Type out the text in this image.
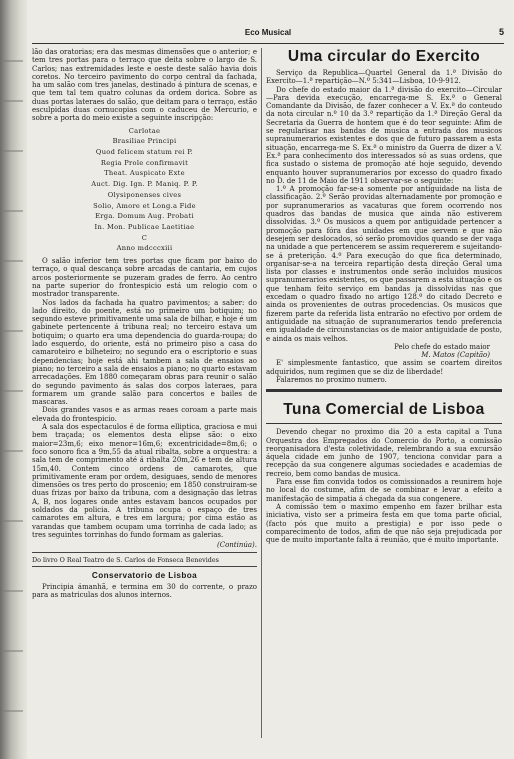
Eco Musical	5

lão das oratorias; era das mesmas dimensões que o anterior; e tem tres portas para o terraço que deita sobre o largo de S. Carlos; nas extremidades leste e oeste deste salão havia dois coretos. No terceiro pavimento do corpo central da fachada, ha um salão com tres janelas, destinado á pintura de scenas, e que tem tal tem quatro colunas da ordem dorica. Sobre as duas portas lateraes do salão, que deitam para o terraço, estão esculpidas duas cornucopias com o caduceu de Mercurio, e sobre a porta do meio existe a seguinte inscripção:

Carlotae
Brasiliae Principi
Quod felicem statum rei P.
Regia Prole confirmavit
Theat. Auspicato Exte
Auct. Dig. Ign. P. Maniq. P. P.
Olysiponenses cives
Solio, Amore et Long.a Fide
Erga. Domum Aug. Probati
In. Mon. Publicae Laetitiae
C
Anno mdcccxiii

O salão inferior tem tres portas que ficam por baixo do terraço, o qual descança sobre arcadas de cantaria, em cujos arcos posteriormente se puzeram grades de ferro. Ao centro na parte superior do frontespicio está um relogio com o mostrador transparente.

Nos lados da fachada ha quatro pavimentos; a saber: do lado direito, do poente, está no primeiro um botiquim; no segundo esteve primitivamente uma sala de bilhar, e hoje é um gabinete pertencente á tribuna real; no terceiro estava um botiquim; o quarto era uma dependencia do guarda-roupa; do lado esquerdo, do oriente, está no primeiro piso a casa do camaroteiro e bilheteiro; no segundo era o escriptorio e suas dependencias; hoje está ahi tambem a sala de ensaios ao piano; no terceiro a sala de ensaios a piano; no quarto estavam arrecadações. Em 1880 começaram obras para reunir o salão do segundo pavimento ás salas dos corpos lateraes, para formarem um grande salão para concertos e bailes de mascaras.

Dois grandes vasos e as armas reaes coroam a parte mais elevada do frontespicio.

A sala dos espectaculos é de forma elliptica, graciosa e mui bem traçada; os elementos desta elipse são: o eixo maior=23m,6; eixo menor=16m,6; excentricidade=8m,6; o foco sonoro fica a 9m,55 da atual ribalta, sobre a orquestra: a sala tem de comprimento até á ribalta 20m,26 e tem de altura 15m,40. Contem cinco ordens de camarotes, que primitivamente eram por ordem, desiguaes, sendo de menores dimensões os tres perto do proscenio; em 1850 construiram-se duas frizas por baixo da tribuna, com a designação das letras A, B, nos logares onde antes estavam bancos ocupados por soldados da policia. A tribuna ocupa o espaço de tres camarotes em altura, e tres em largura; por cima estão as varandas que tambem ocupam uma torrinha de cada lado; as tres seguintes torrinhas do fundo formam as galerias.

(Continúa).
Do livro O Real Teatro de S. Carlos de Fonseca Benevides
Conservatorio de Lisboa

Principia ámanhã, e termina em 30 do corrente, o prazo para as matriculas dos alunos internos.

Uma circular do Exercito

Serviço da Republica—Quartel General da 1.ª Divisão do Exercito—1.ª repartição—N.º 5:341—Lisboa, 10-9-912.

Do chefe do estado maior da 1.ª divisão do exercito—Circular—Para devida execução, encarrega-me S. Ex.ª o General Comandante da Divisão, de fazer conhecer a V. Ex.ª do conteudo da nota circular n.º 10 da 3.ª repartição da 1.ª Direção Geral da Secretaria da Guerra de hontem que é do teor seguinte: Afim de se regularisar nas bandas de musica a entrada dos musicos supranumerarios existentes e dos que de futuro passarem a esta situação, encarrega-me S. Ex.ª o ministro da Guerra de dizer a V. Ex.ª para conhecimento dos interessados só as suas ordens, que fica sustado o sistema de promoção até hoje seguido, devendo enquanto houver supranumerarios por excesso do quadro fixado no D. de 11 de Maio de 1911 observar-se o seguinte:

1.º A promoção far-se-a somente por antiguidade na lista de classificação. 2.º Serão providas alternadamente por promoção e por supranumerarios as vacaturas que forem ocorrendo nos quadros das bandas de musica que ainda não estiverem dissolvidas. 3.º Os musicos a quem por antiguidade pertencer a promoção para fóra das unidades em que servem e que não desejem ser deslocados, só serão promovidos quando se der vaga na unidade a que pertencerem se assim requererem e sujeitando-se á preterição. 4.º Para execução do que fica determinado, organisar-se-a na terceira repartição desta direção Geral uma lista por classes e instrumentos onde serão incluidos musicos supranumerarios existentes, os que passarem a esta situação e os que tenham feito serviço em bandas ja dissolvidas nas que excedam o quadro fixado no artigo 128.º do citado Decreto e ainda os provenientes de outras procedencias. Os musicos que fizerem parte da referida lista entrarão no efectivo por ordem de antiguidade na situação de supranumerarios tendo preferencia em igualdade de circunstancias os de maior antiguidade de posto, e ainda os mais velhos.

Pelo chefe do estado maior
M. Matos (Capitão)

E' simplesmente fantastico, que assim se coartem direitos adquiridos, num regimen que se diz de liberdade!

Falaremos no proximo numero.

Tuna Comercial de Lisboa

Devendo chegar no proximo dia 20 a esta capital a Tuna Orquestra dos Empregados do Comercio do Porto, a comissão reorganisadora d'esta coletividade, relembrando a sua excursão áquela cidade em junho de 1907, tenciona convidar para a recepção da sua congenere algumas sociedades e academias de recreio, bem como bandas de musica.

Para esse fim convida todos os comissionados a reunirem hoje no local do costume, afim de se combinar e levar a efeito a manifestação de simpatia á chegada da sua congenere.

A comissão tem o maximo empenho em fazer brilhar esta iniciativa, visto ser a primeira festa em que toma parte oficial, (facto pós que muito a prestigia) e por isso pede o comparecimento de todos, afim de que não seja prejudicada por que de muito importante falta á reunião, que é muito importante.
